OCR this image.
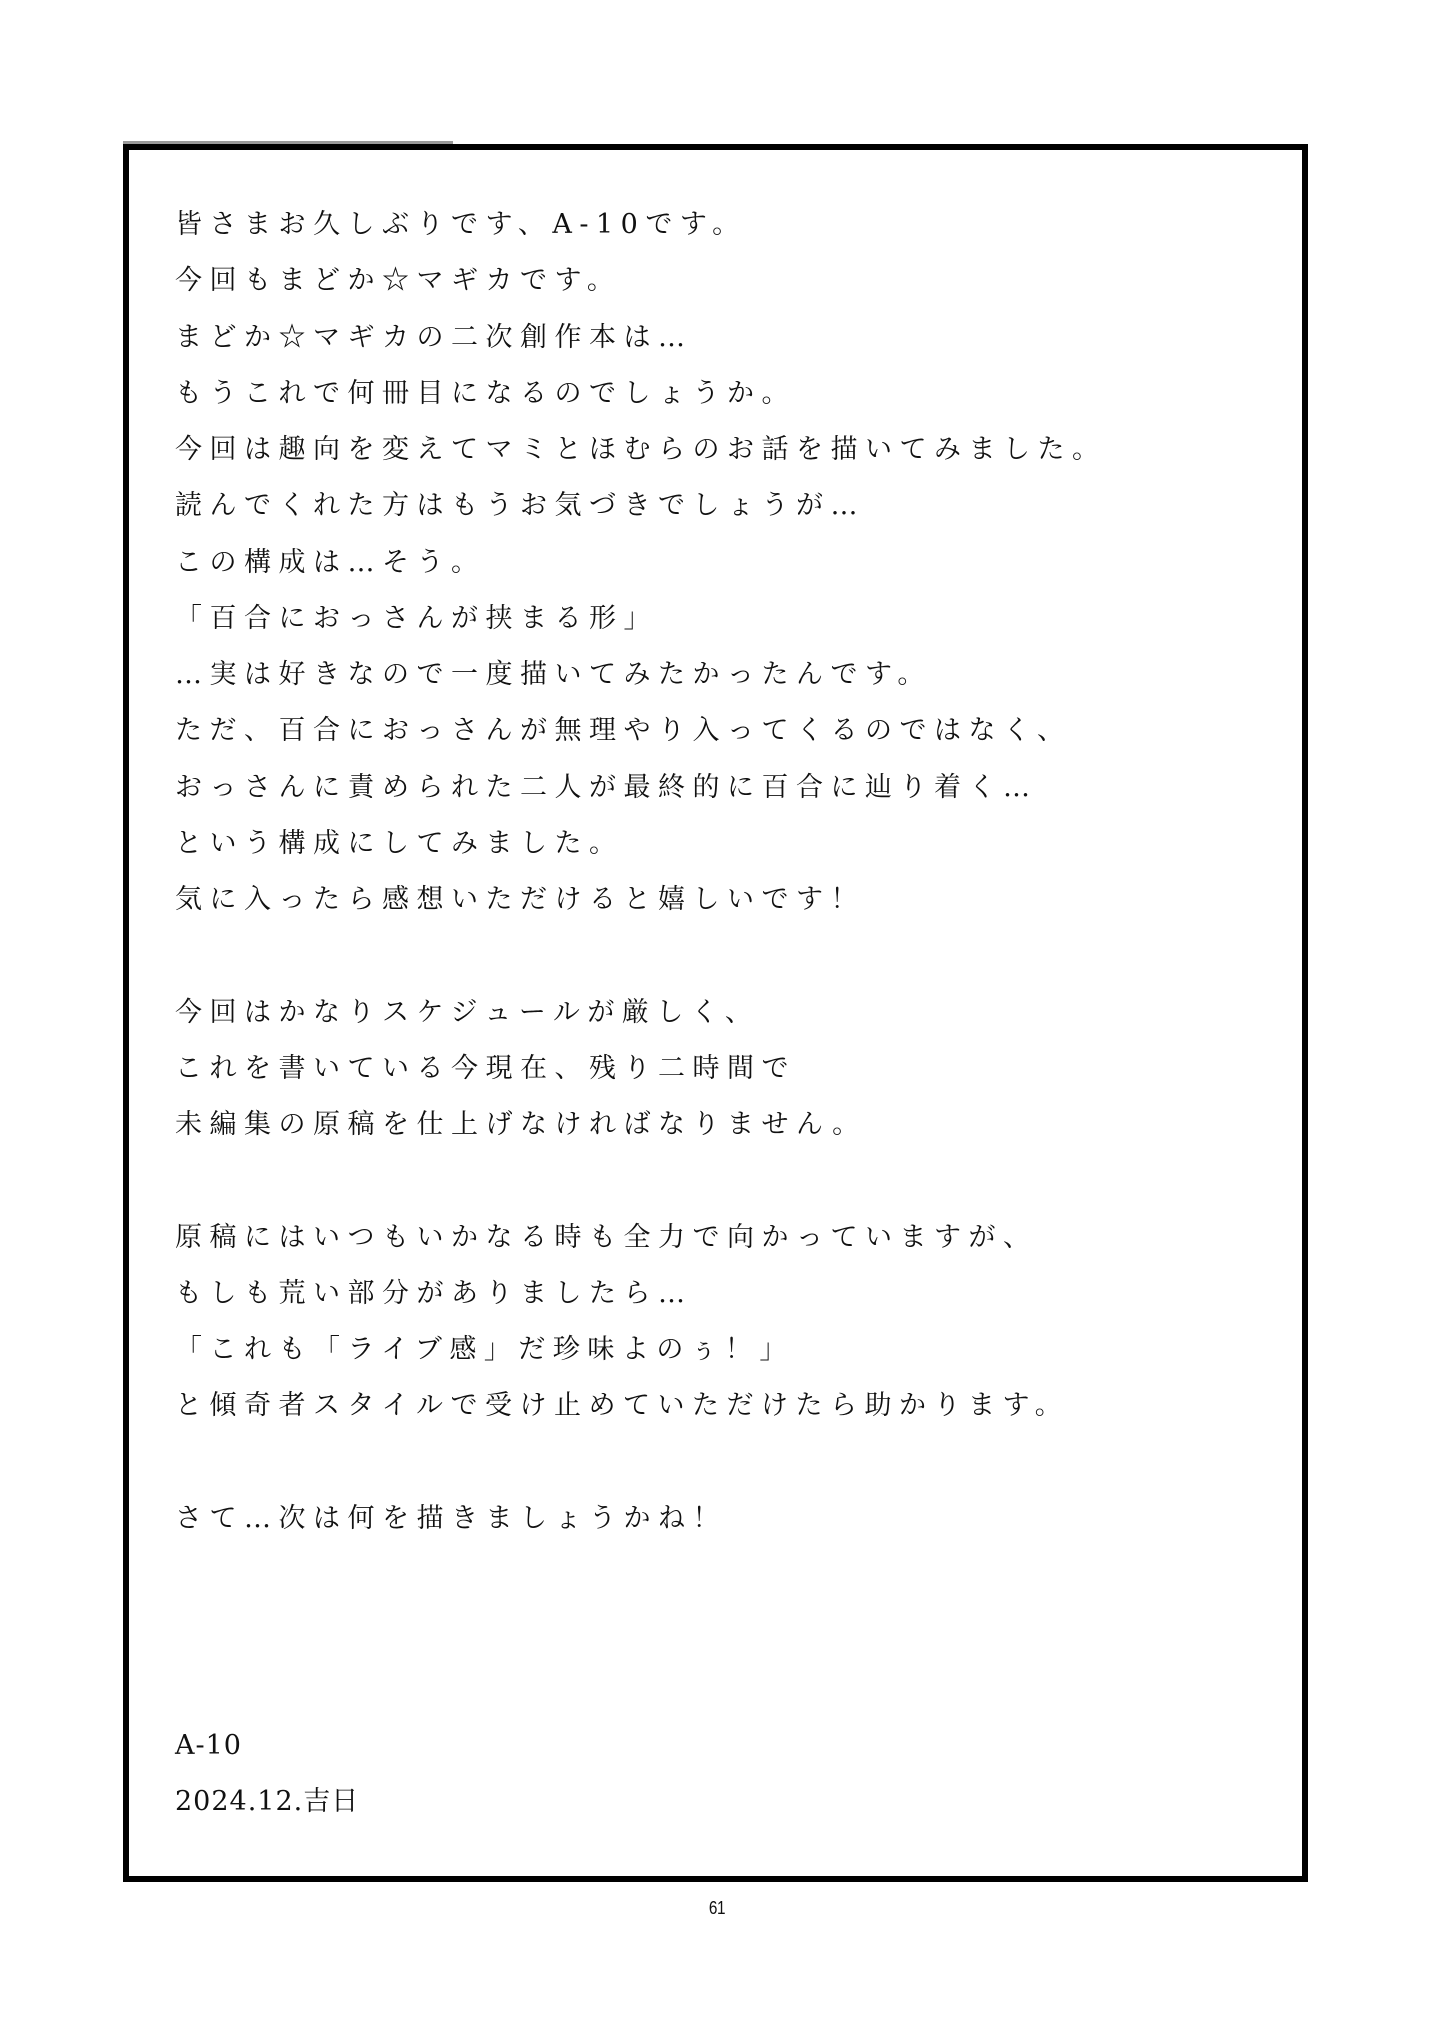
皆さまお久しぶりです、A-10です。
今回もまどか☆マギカです。
まどか☆マギカの二次創作本は…
もうこれで何冊目になるのでしょうか。
今回は趣向を変えてマミとほむらのお話を描いてみました。
読んでくれた方はもうお気づきでしょうが…
この構成は…そう。
「百合におっさんが挟まる形」
…実は好きなので一度描いてみたかったんです。
ただ、百合におっさんが無理やり入ってくるのではなく、
おっさんに責められた二人が最終的に百合に辿り着く…
という構成にしてみました。
気に入ったら感想いただけると嬉しいです！
今回はかなりスケジュールが厳しく、
これを書いている今現在、残り二時間で
未編集の原稿を仕上げなければなりません。
原稿にはいつもいかなる時も全力で向かっていますが、
もしも荒い部分がありましたら…
「これも「ライブ感」だ珍味よのぅ！」
と傾奇者スタイルで受け止めていただけたら助かります。
さて…次は何を描きましょうかね！
A-10
2024.12.吉日
61
